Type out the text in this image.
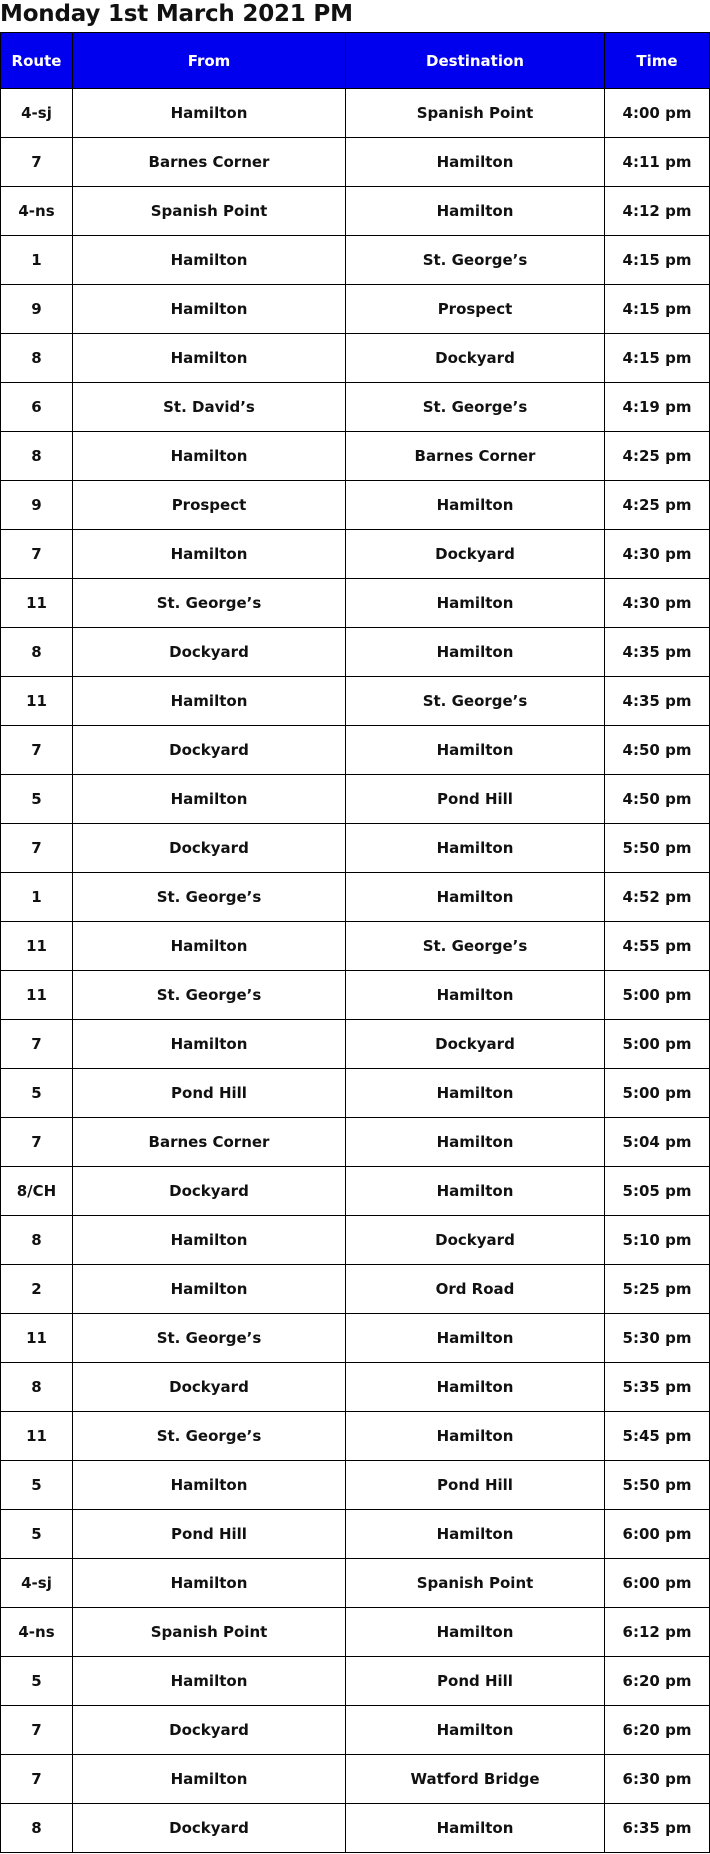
Monday 1st March 2021 PM
Route	From	Destination	Time
4-sj	Hamilton	Spanish Point	4:00 pm
7	Barnes Corner	Hamilton	4:11 pm
4-ns	Spanish Point	Hamilton	4:12 pm
1	Hamilton	St. George’s	4:15 pm
9	Hamilton	Prospect	4:15 pm
8	Hamilton	Dockyard	4:15 pm
6	St. David’s	St. George’s	4:19 pm
8	Hamilton	Barnes Corner	4:25 pm
9	Prospect	Hamilton	4:25 pm
7	Hamilton	Dockyard	4:30 pm
11	St. George’s	Hamilton	4:30 pm
8	Dockyard	Hamilton	4:35 pm
11	Hamilton	St. George’s	4:35 pm
7	Dockyard	Hamilton	4:50 pm
5	Hamilton	Pond Hill	4:50 pm
7	Dockyard	Hamilton	5:50 pm
1	St. George’s	Hamilton	4:52 pm
11	Hamilton	St. George’s	4:55 pm
11	St. George’s	Hamilton	5:00 pm
7	Hamilton	Dockyard	5:00 pm
5	Pond Hill	Hamilton	5:00 pm
7	Barnes Corner	Hamilton	5:04 pm
8/CH	Dockyard	Hamilton	5:05 pm
8	Hamilton	Dockyard	5:10 pm
2	Hamilton	Ord Road	5:25 pm
11	St. George’s	Hamilton	5:30 pm
8	Dockyard	Hamilton	5:35 pm
11	St. George’s	Hamilton	5:45 pm
5	Hamilton	Pond Hill	5:50 pm
5	Pond Hill	Hamilton	6:00 pm
4-sj	Hamilton	Spanish Point	6:00 pm
4-ns	Spanish Point	Hamilton	6:12 pm
5	Hamilton	Pond Hill	6:20 pm
7	Dockyard	Hamilton	6:20 pm
7	Hamilton	Watford Bridge	6:30 pm
8	Dockyard	Hamilton	6:35 pm
